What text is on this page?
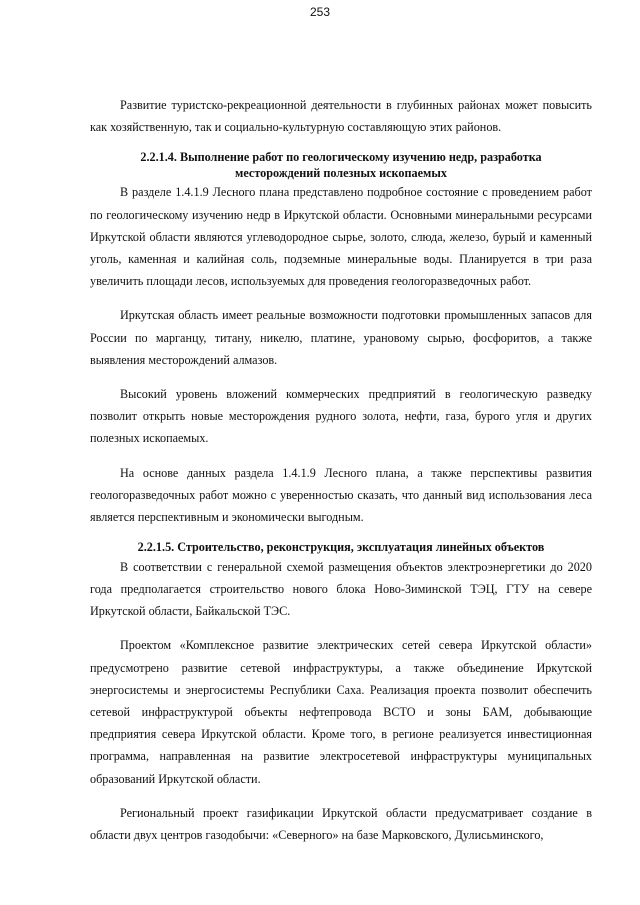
253

Развитие туристско-рекреационной деятельности в глубинных районах может повысить как хозяйственную, так и социально-культурную составляющую этих районов.

2.2.1.4. Выполнение работ по геологическому изучению недр, разработка месторождений полезных ископаемых

В разделе 1.4.1.9 Лесного плана представлено подробное состояние с проведением работ по геологическому изучению недр в Иркутской области. Основными минеральными ресурсами Иркутской области являются углеводородное сырье, золото, слюда, железо, бурый и каменный уголь, каменная и калийная соль, подземные минеральные воды. Планируется в три раза увеличить площади лесов, используемых для проведения геологоразведочных работ.

Иркутская область имеет реальные возможности подготовки промышленных запасов для России по марганцу, титану, никелю, платине, урановому сырью, фосфоритов, а также выявления месторождений алмазов.

Высокий уровень вложений коммерческих предприятий в геологическую разведку позволит открыть новые месторождения рудного золота, нефти, газа, бурого угля и других полезных ископаемых.

На основе данных раздела 1.4.1.9 Лесного плана, а также перспективы развития геологоразведочных работ можно с уверенностью сказать, что данный вид использования леса является перспективным и экономически выгодным.

2.2.1.5. Строительство, реконструкция, эксплуатация линейных объектов

В соответствии с генеральной схемой размещения объектов электроэнергетики до 2020 года предполагается строительство нового блока Ново-Зиминской ТЭЦ, ГТУ на севере Иркутской области, Байкальской ТЭС.

Проектом «Комплексное развитие электрических сетей севера Иркутской области» предусмотрено развитие сетевой инфраструктуры, а также объединение Иркутской энергосистемы и энергосистемы Республики Саха. Реализация проекта позволит обеспечить сетевой инфраструктурой объекты нефтепровода ВСТО и зоны БАМ, добывающие предприятия севера Иркутской области. Кроме того, в регионе реализуется инвестиционная программа, направленная на развитие электросетевой инфраструктуры муниципальных образований Иркутской области.

Региональный проект газификации Иркутской области предусматривает создание в области двух центров газодобычи: «Северного» на базе Марковского, Дулисьминского,
